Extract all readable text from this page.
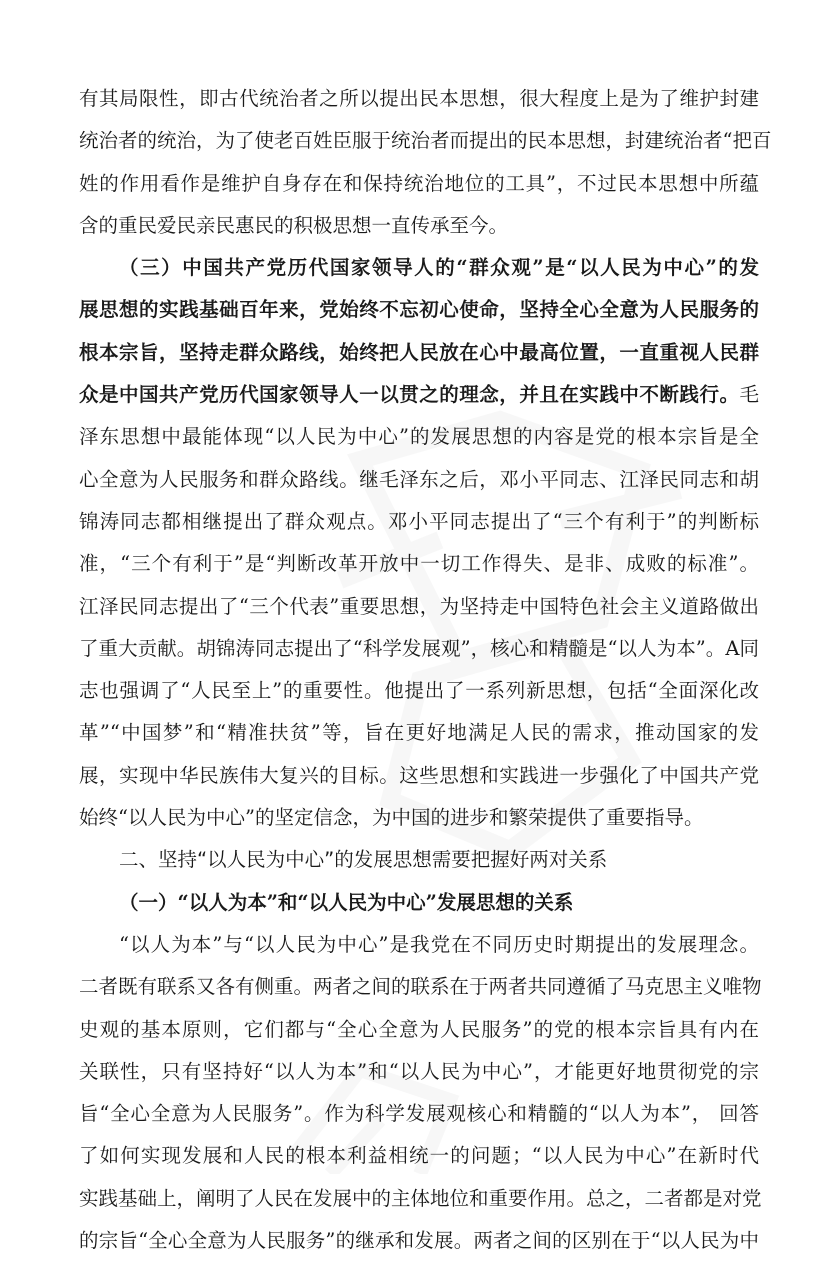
有其局限性，即古代统治者之所以提出民本思想，很大程度上是为了维护封建
统治者的统治，为了使老百姓臣服于统治者而提出的民本思想，封建统治者“把百
姓的作用看作是维护自身存在和保持统治地位的工具”，不过民本思想中所蕴
含的重民爱民亲民惠民的积极思想一直传承至今。
（三）中国共产党历代国家领导人的“群众观”是“以人民为中心”的发
展思想的实践基础百年来，党始终不忘初心使命，坚持全心全意为人民服务的
根本宗旨，坚持走群众路线，始终把人民放在心中最高位置，一直重视人民群
众是中国共产党历代国家领导人一以贯之的理念，并且在实践中不断践行。毛
泽东思想中最能体现“以人民为中心”的发展思想的内容是党的根本宗旨是全
心全意为人民服务和群众路线。继毛泽东之后，邓小平同志、江泽民同志和胡
锦涛同志都相继提出了群众观点。邓小平同志提出了“三个有利于”的判断标
准，“三个有利于”是“判断改革开放中一切工作得失、是非、成败的标准”。
江泽民同志提出了“三个代表”重要思想，为坚持走中国特色社会主义道路做出
了重大贡献。胡锦涛同志提出了“科学发展观”，核心和精髓是“以人为本”。A同
志也强调了“人民至上”的重要性。他提出了一系列新思想，包括“全面深化改
革”“中国梦”和“精准扶贫”等，旨在更好地满足人民的需求，推动国家的发
展，实现中华民族伟大复兴的目标。这些思想和实践进一步强化了中国共产党
始终“以人民为中心”的坚定信念，为中国的进步和繁荣提供了重要指导。
二、坚持“以人民为中心”的发展思想需要把握好两对关系
（一）“以人为本”和“以人民为中心”发展思想的关系
“以人为本”与“以人民为中心”是我党在不同历史时期提出的发展理念。
二者既有联系又各有侧重。两者之间的联系在于两者共同遵循了马克思主义唯物
史观的基本原则，它们都与“全心全意为人民服务”的党的根本宗旨具有内在
关联性，只有坚持好“以人为本”和“以人民为中心”，才能更好地贯彻党的宗
旨“全心全意为人民服务”。作为科学发展观核心和精髓的“以人为本”， 回答
了如何实现发展和人民的根本利益相统一的问题；“以人民为中心”在新时代
实践基础上，阐明了人民在发展中的主体地位和重要作用。总之，二者都是对党
的宗旨“全心全意为人民服务”的继承和发展。两者之间的区别在于“以人民为中
